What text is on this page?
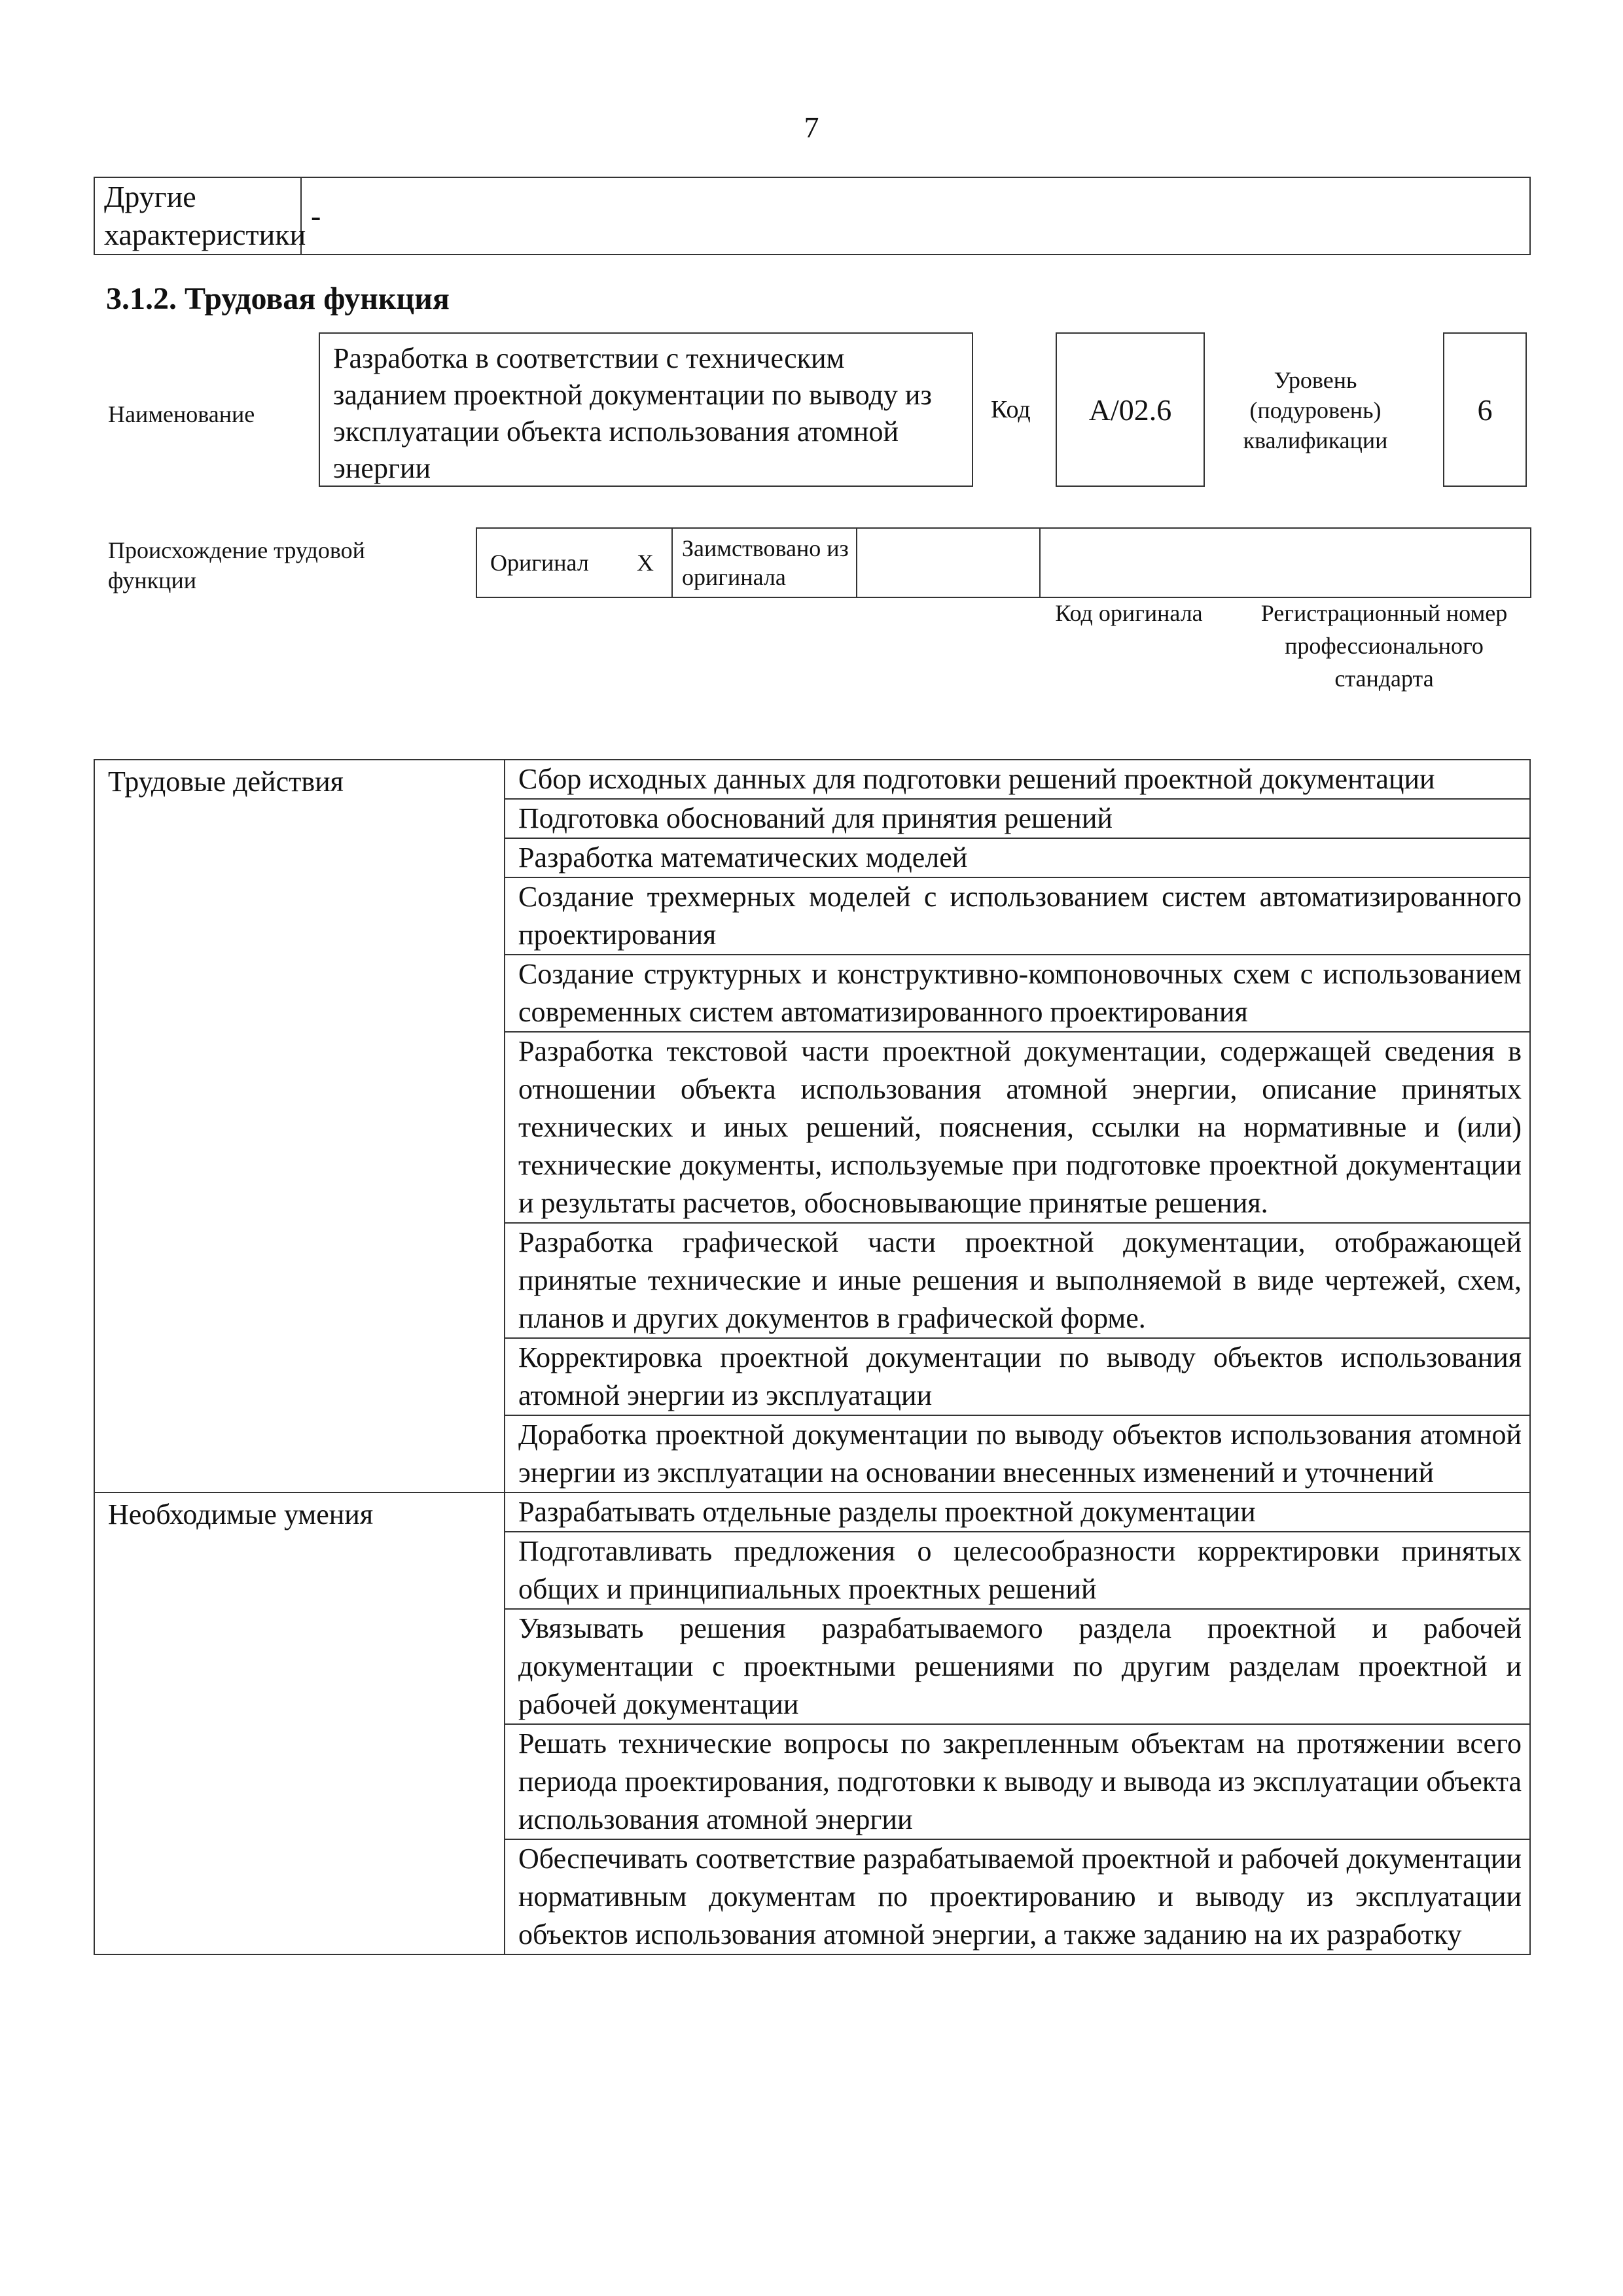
7
Другие характеристики	-
3.1.2. Трудовая функция
Наименование
Разработка в соответствии с техническим заданием проектной документации по выводу из эксплуатации объекта использования атомной энергии
Код	А/02.6
Уровень (подуровень) квалификации
6
Происхождение трудовой функции
Оригинал	X	Заимствовано из оригинала		
Код оригинала	Регистрационный номер профессионального стандарта
Трудовые действия	Сбор исходных данных для подготовки решений проектной документации
	Подготовка обоснований для принятия решений
	Разработка математических моделей
	Создание трехмерных моделей с использованием систем автоматизированного проектирования
	Создание структурных и конструктивно-компоновочных схем с использованием современных систем автоматизированного проектирования
	Разработка текстовой части проектной документации, содержащей сведения в отношении объекта использования атомной энергии, описание принятых технических и иных решений, пояснения, ссылки на нормативные и (или) технические документы, используемые при подготовке проектной документации и результаты расчетов, обосновывающие принятые решения.
	Разработка графической части проектной документации, отображающей принятые технические и иные решения и выполняемой в виде чертежей, схем, планов и других документов в графической форме.
	Корректировка проектной документации по выводу объектов использования атомной энергии из эксплуатации
	Доработка проектной документации по выводу объектов использования атомной энергии из эксплуатации на основании внесенных изменений и уточнений
Необходимые умения	Разрабатывать отдельные разделы проектной документации
	Подготавливать предложения о целесообразности корректировки принятых общих и принципиальных проектных решений
	Увязывать решения разрабатываемого раздела проектной и рабочей документации с проектными решениями по другим разделам проектной и рабочей документации
	Решать технические вопросы по закрепленным объектам на протяжении всего периода проектирования, подготовки к выводу и вывода из эксплуатации объекта использования атомной энергии
	Обеспечивать соответствие разрабатываемой проектной и рабочей документации нормативным документам по проектированию и выводу из эксплуатации объектов использования атомной энергии, а также заданию на их разработку
